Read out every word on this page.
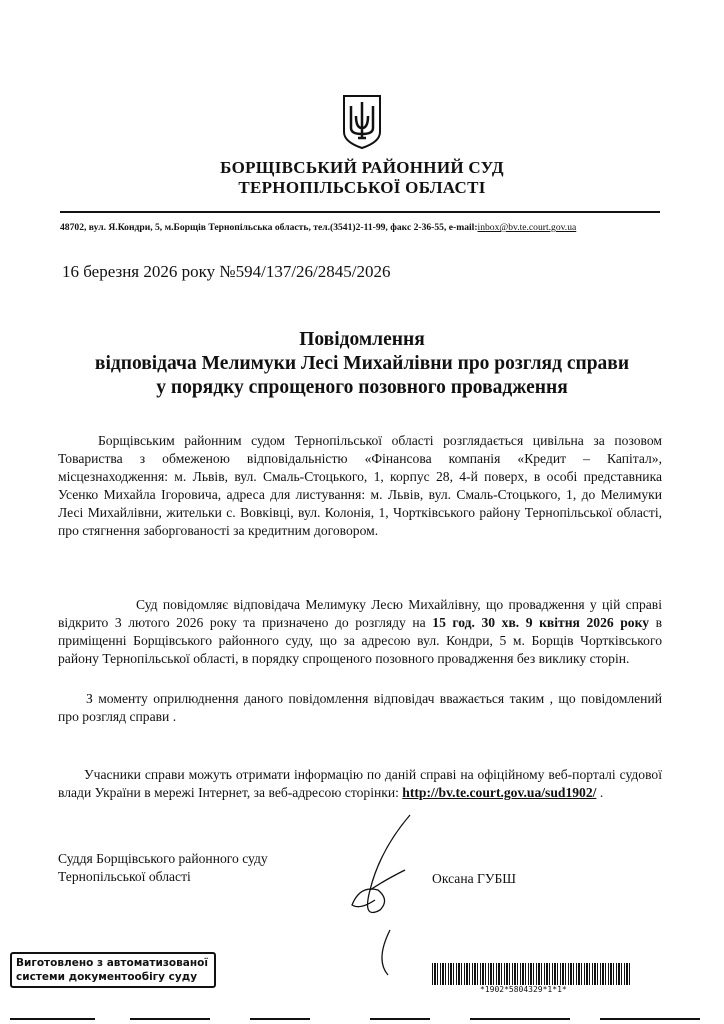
БОРЩІВСЬКИЙ РАЙОННИЙ СУД
ТЕРНОПІЛЬСЬКОЇ ОБЛАСТІ
48702, вул. Я.Кондри, 5, м.Борщів Тернопільська область, тел.(3541)2-11-99, факс 2-36-55, e-mail:inbox@bv.te.court.gov.ua
16 березня 2026 року №594/137/26/2845/2026
Повідомлення
відповідача Мелимуки Лесі Михайлівни про розгляд справи
у порядку спрощеного позовного провадження
Борщівським районним судом Тернопільської області розглядається цивільна за позовом Товариства з обмеженою відповідальністю «Фінансова компанія «Кредит – Капітал», місцезнаходження: м. Львів, вул. Смаль-Стоцького, 1, корпус 28, 4-й поверх, в особі представника Усенко Михайла Ігоровича, адреса для листування: м. Львів, вул. Смаль-Стоцького, 1, до Мелимуки Лесі Михайлівни, жительки с. Вовківці, вул. Колонія, 1, Чортківського району Тернопільської області, про стягнення заборгованості за кредитним договором.
Суд повідомляє відповідача Мелимуку Лесю Михайлівну, що провадження у цій справі відкрито 3 лютого 2026 року та призначено до розгляду на 15 год. 30 хв. 9 квітня 2026 року в приміщенні Борщівського районного суду, що за адресою вул. Кондри, 5 м. Борщів Чортківського району Тернопільської області, в порядку спрощеного позовного провадження без виклику сторін.
З моменту оприлюднення даного повідомлення відповідач вважається таким , що повідомлений про розгляд справи .
Учасники справи можуть отримати інформацію по даній справі на офіційному веб-порталі судової влади України в мережі Інтернет, за веб-адресою сторінки: http://bv.te.court.gov.ua/sud1902/ .
Суддя Борщівського районного суду
Тернопільської області	Оксана ГУБШ
Виготовлено з автоматизованої
системи документообігу суду
*1902*5804329*1*1*
